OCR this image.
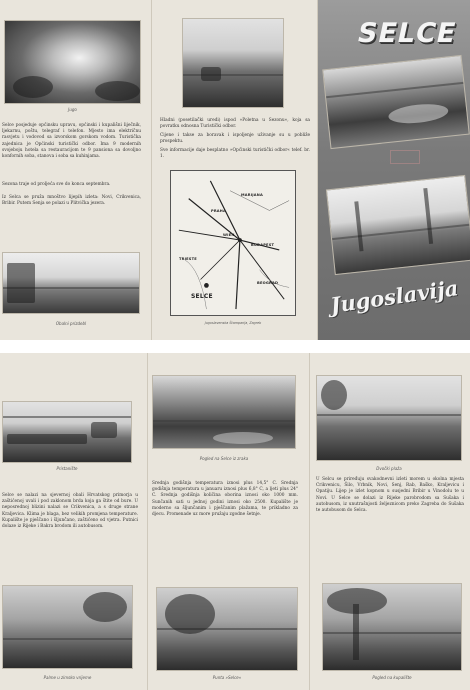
Jugo

Selce posjeduje općinsku upravu, općinski i kupališni liječnik, ljekarnu, poštu, telegraf i telefon. Mjesto ima električnu rasvjetu i vodovod sa izvorskom gorskom vodom. Turistička zajednica je Općinski turistički odbor. Ima 9 modernih svojeboju hotela sa restauracijom te 9 pansiona sa dovoljno konfornih soba, stanova i soba sa kuhinjama.

Sezona traje od proljeća sve do konca septembra.

Iz Selca se pruža mnoštvo lijepih izleta: Novi, Crikvenica, Bribir. Putem Senja se polazi u Plitvička jezera.

Obalni prizdebl

Hladni (posetilački uredi) ispod »Poletna u Sezonu«, koja sa povratku odnosna Turistički odbor.

Cijene i takse za boravak i ispoljenje uživanje su u pobliže prospektu.

Sve informacije daje besplatno »Općinski turistički odbor« telef. br. 1.

MARIJANA
PRAHA
WIEN
BUDAPEST
TRIESTE
BEOGRAD
SELCE
Jugoslavenska Štamparija, Zagreb
SELCE
Jugoslavija
Pristanište

Selce se nalazi na sjevernoj obali Hrvatskog primorja u zaštićenoj uvali i pod zaklonom brda koja ga štite od bure. U neposrednoj blizini nalazi se Crikvenica, a s druge strane Kraljevica. Klima je blaga, bez velikih promjena temperature. Kupalište je pješčano i šljunčano, zaštićeno od vjetra. Putnici dolaze iz Rijeke i Bakra brodom ili autobusom.

Palme u zimsko vrijeme
Pogled na Selce iz zraka

Srednja godišnja temperatura iznosi plus 14,5° C. Srednja godišnja temperatura u januaru iznosi plus 6,8° C, a ljeti plus 24° C. Srednja godišnja količina oborina iznosi oko 1000 mm. Sunčanih sati u jednoj godini iznosi oko 2500. Kupalište je moderno sa šljunčanim i pješčanim plažama, te prikladno za djecu. Promenade uz more pružaju zgodne šetnje.

Punta »Selce«
Dvočki plaža

U Selcu se priređuju svakodnevni izleti morem u okolna mjesta Crikvenicu, Šilo, Vrbnik, Novi, Senj, Rab, Baško, Kraljevicu i Opatiju. Lijep je izlet kopnom u susjedni Bribir u Vinodolu te u Novi. U Selce se dolazi iz Rijeke parobrodom sa Sušaka i autobusom, iz unutrašnjosti željeznicom preko Zagreba do Sušaka te autobusom do Selca.

Pogled na kupalište
